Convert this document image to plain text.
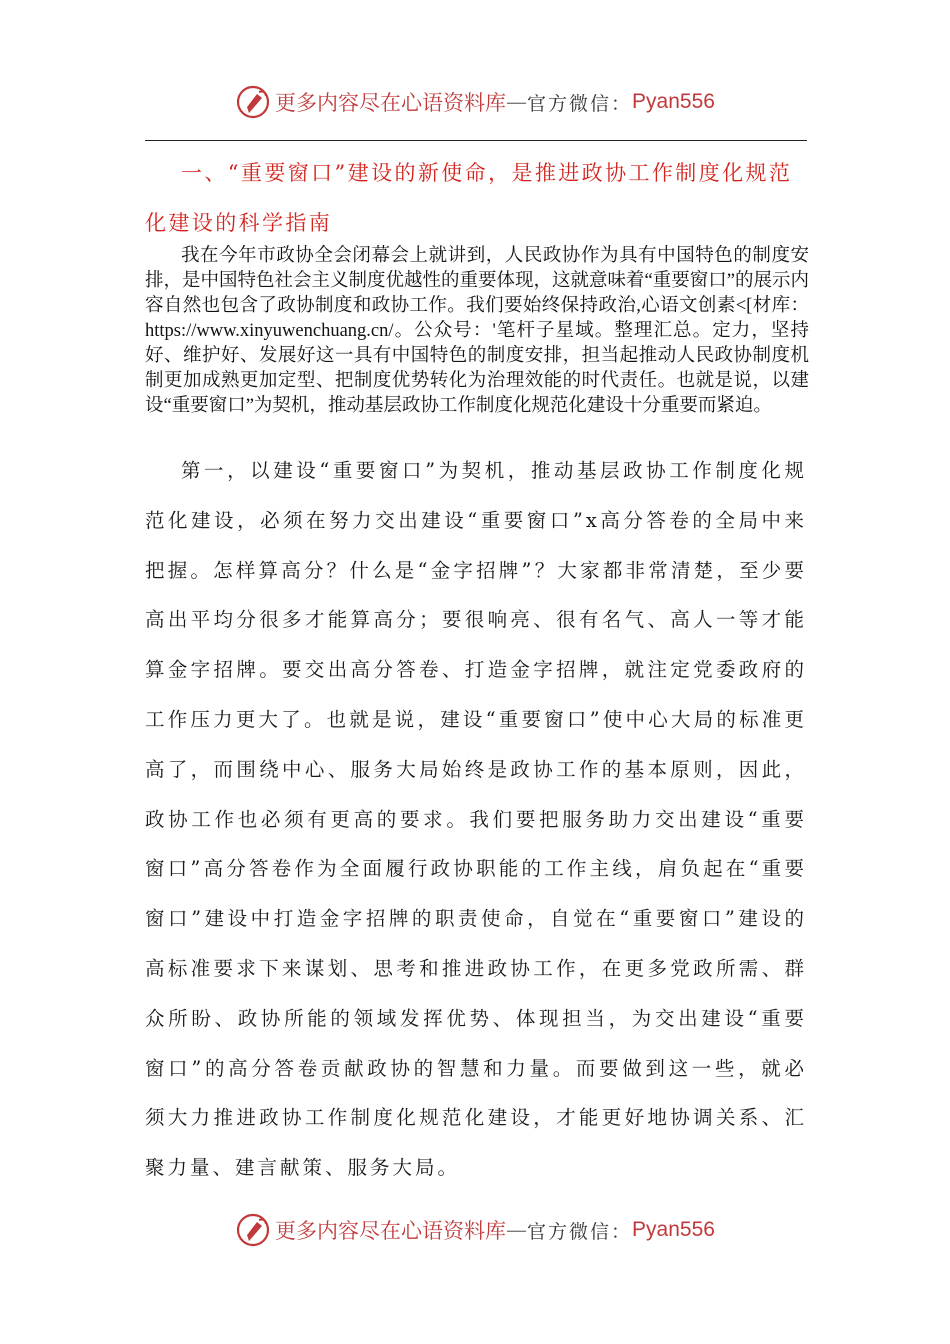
更多内容尽在心语资料库 — 官方微信： Pyan556
一、“重要窗口”建设的新使命，是推进政协工作制度化规范化建设的科学指南

我在今年市政协全会闭幕会上就讲到，人民政协作为具有中国特色的制度安排，是中国特色社会主义制度优越性的重要体现，这就意味着“重要窗口”的展示内容自然也包含了政协制度和政协工作。我们要始终保持政治,心语文创素<[材库：https://www.xinyuwenchuang.cn/。公众号：'笔杆子星域。整理汇总。定力，坚持好、维护好、发展好这一具有中国特色的制度安排，担当起推动人民政协制度机制更加成熟更加定型、把制度优势转化为治理效能的时代责任。也就是说，以建设“重要窗口”为契机，推动基层政协工作制度化规范化建设十分重要而紧迫。

第一，以建设“重要窗口”为契机，推动基层政协工作制度化规范化建设，必须在努力交出建设“重要窗口”x高分答卷的全局中来把握。怎样算高分？什么是“金字招牌”？大家都非常清楚，至少要高出平均分很多才能算高分；要很响亮、很有名气、高人一等才能算金字招牌。要交出高分答卷、打造金字招牌，就注定党委政府的工作压力更大了。也就是说，建设“重要窗口”使中心大局的标准更高了，而围绕中心、服务大局始终是政协工作的基本原则，因此，政协工作也必须有更高的要求。我们要把服务助力交出建设“重要窗口”高分答卷作为全面履行政协职能的工作主线，肩负起在“重要窗口”建设中打造金字招牌的职责使命，自觉在“重要窗口”建设的高标准要求下来谋划、思考和推进政协工作，在更多党政所需、群众所盼、政协所能的领域发挥优势、体现担当，为交出建设“重要窗口”的高分答卷贡献政协的智慧和力量。而要做到这一些，就必须大力推进政协工作制度化规范化建设，才能更好地协调关系、汇聚力量、建言献策、服务大局。

更多内容尽在心语资料库 — 官方微信： Pyan556
